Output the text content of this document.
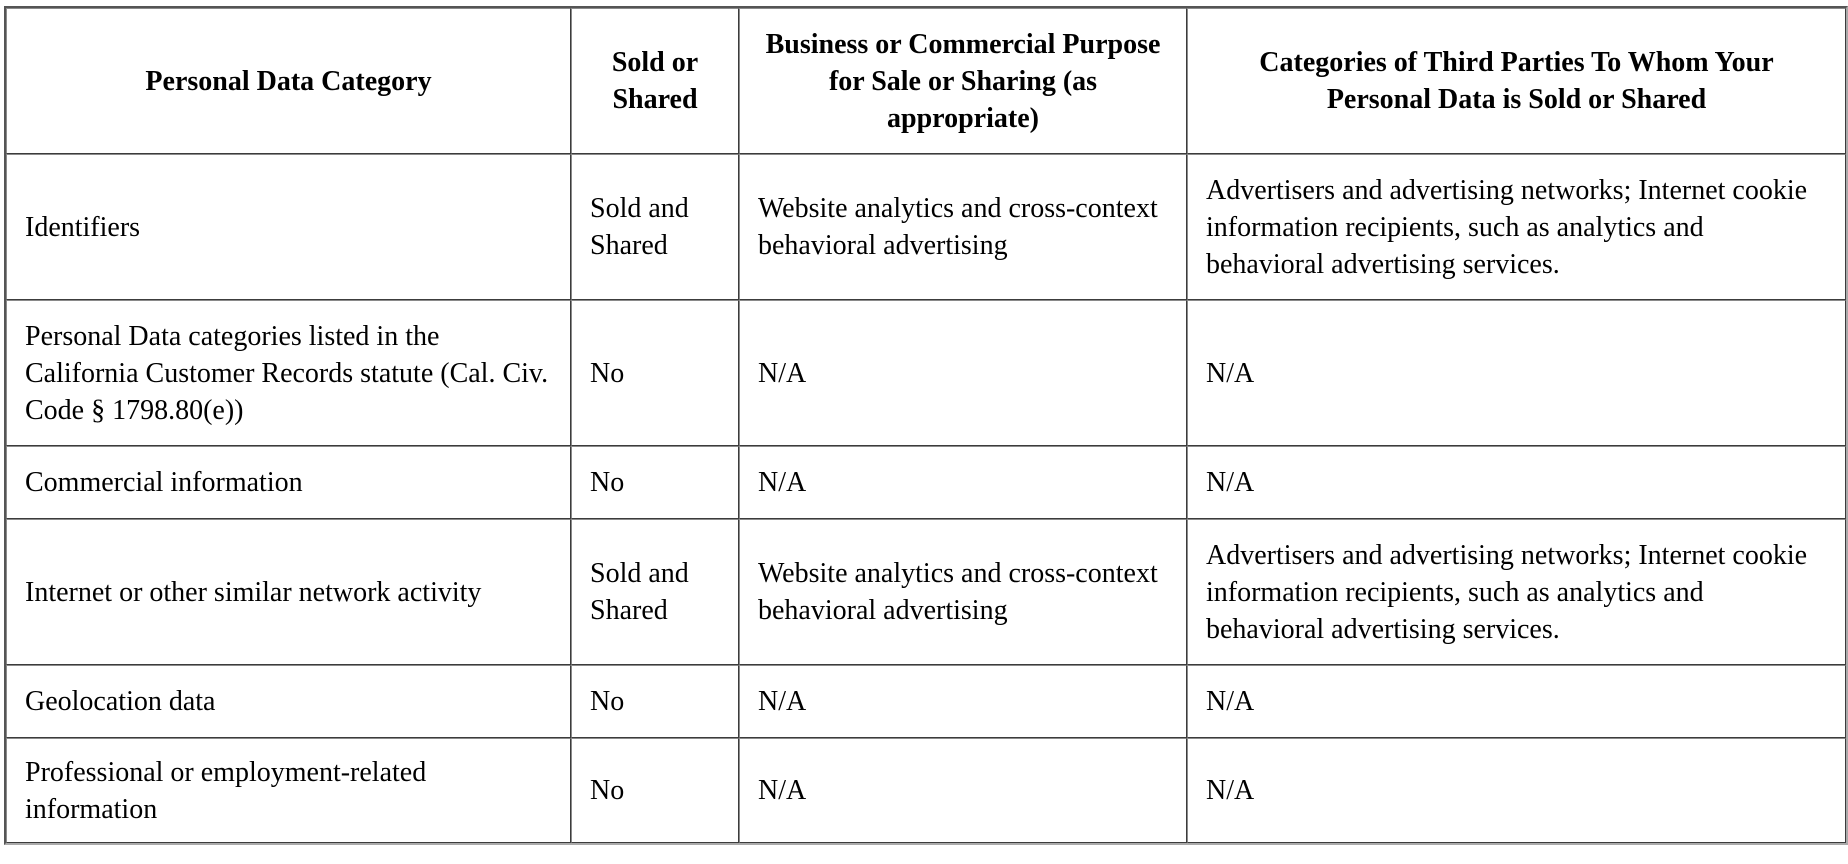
Personal Data Category	Sold or Shared	Business or Commercial Purpose for Sale or Sharing (as appropriate)	Categories of Third Parties To Whom Your Personal Data is Sold or Shared
Identifiers	Sold and Shared	Website analytics and cross-context behavioral advertising	Advertisers and advertising networks; Internet cookie information recipients, such as analytics and behavioral advertising services.
Personal Data categories listed in the California Customer Records statute (Cal. Civ. Code § 1798.80(e))	No	N/A	N/A
Commercial information	No	N/A	N/A
Internet or other similar network activity	Sold and Shared	Website analytics and cross-context behavioral advertising	Advertisers and advertising networks; Internet cookie information recipients, such as analytics and behavioral advertising services.
Geolocation data	No	N/A	N/A
Professional or employment-related information	No	N/A	N/A
